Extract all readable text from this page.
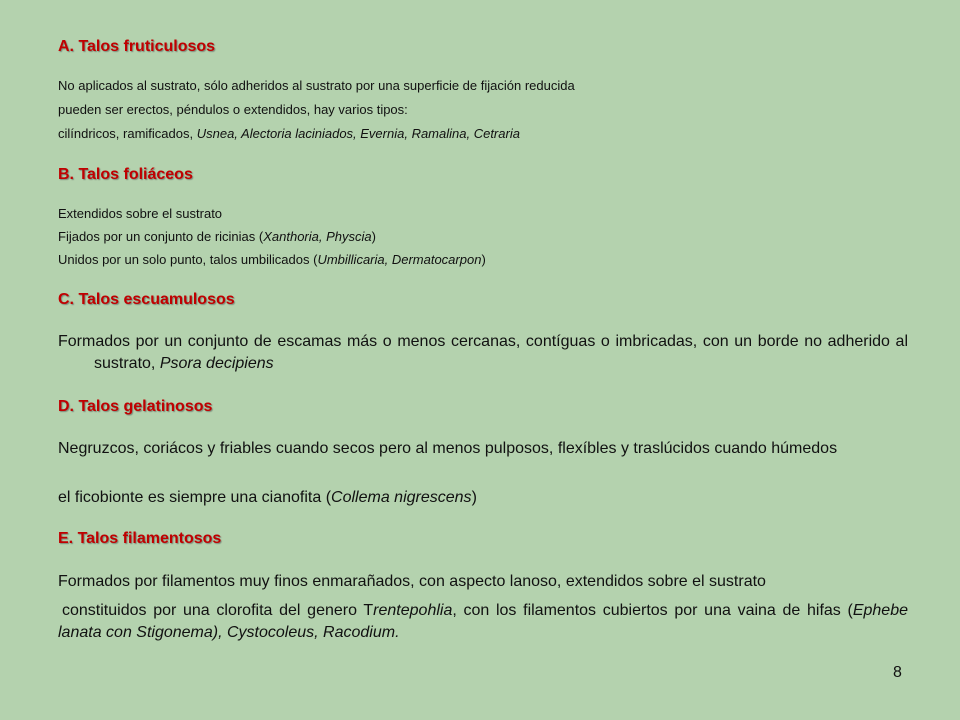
A. Talos fruticulosos

No aplicados al sustrato, sólo adheridos al sustrato por una superficie de fijación reducida

pueden ser erectos, péndulos o extendidos, hay varios tipos:

cilíndricos, ramificados, Usnea, Alectoria laciniados, Evernia, Ramalina, Cetraria

B. Talos foliáceos

Extendidos sobre el sustrato

Fijados por un conjunto de ricinias (Xanthoria, Physcia)

Unidos por un solo punto, talos umbilicados (Umbillicaria, Dermatocarpon)

C. Talos escuamulosos

Formados por un conjunto de escamas más o menos cercanas, contíguas o imbricadas, con un borde no adherido al sustrato, Psora decipiens

D. Talos gelatinosos

Negruzcos, coriácos y friables cuando secos pero al menos pulposos, flexíbles y traslúcidos cuando húmedos

el ficobionte es siempre una cianofita (Collema nigrescens)

E. Talos filamentosos

Formados por filamentos muy finos enmarañados, con aspecto lanoso, extendidos sobre el sustrato

constituidos por una clorofita del genero Trentepohlia, con los filamentos cubiertos por una vaina de hifas (Ephebe lanata con Stigonema), Cystocoleus, Racodium.

8
